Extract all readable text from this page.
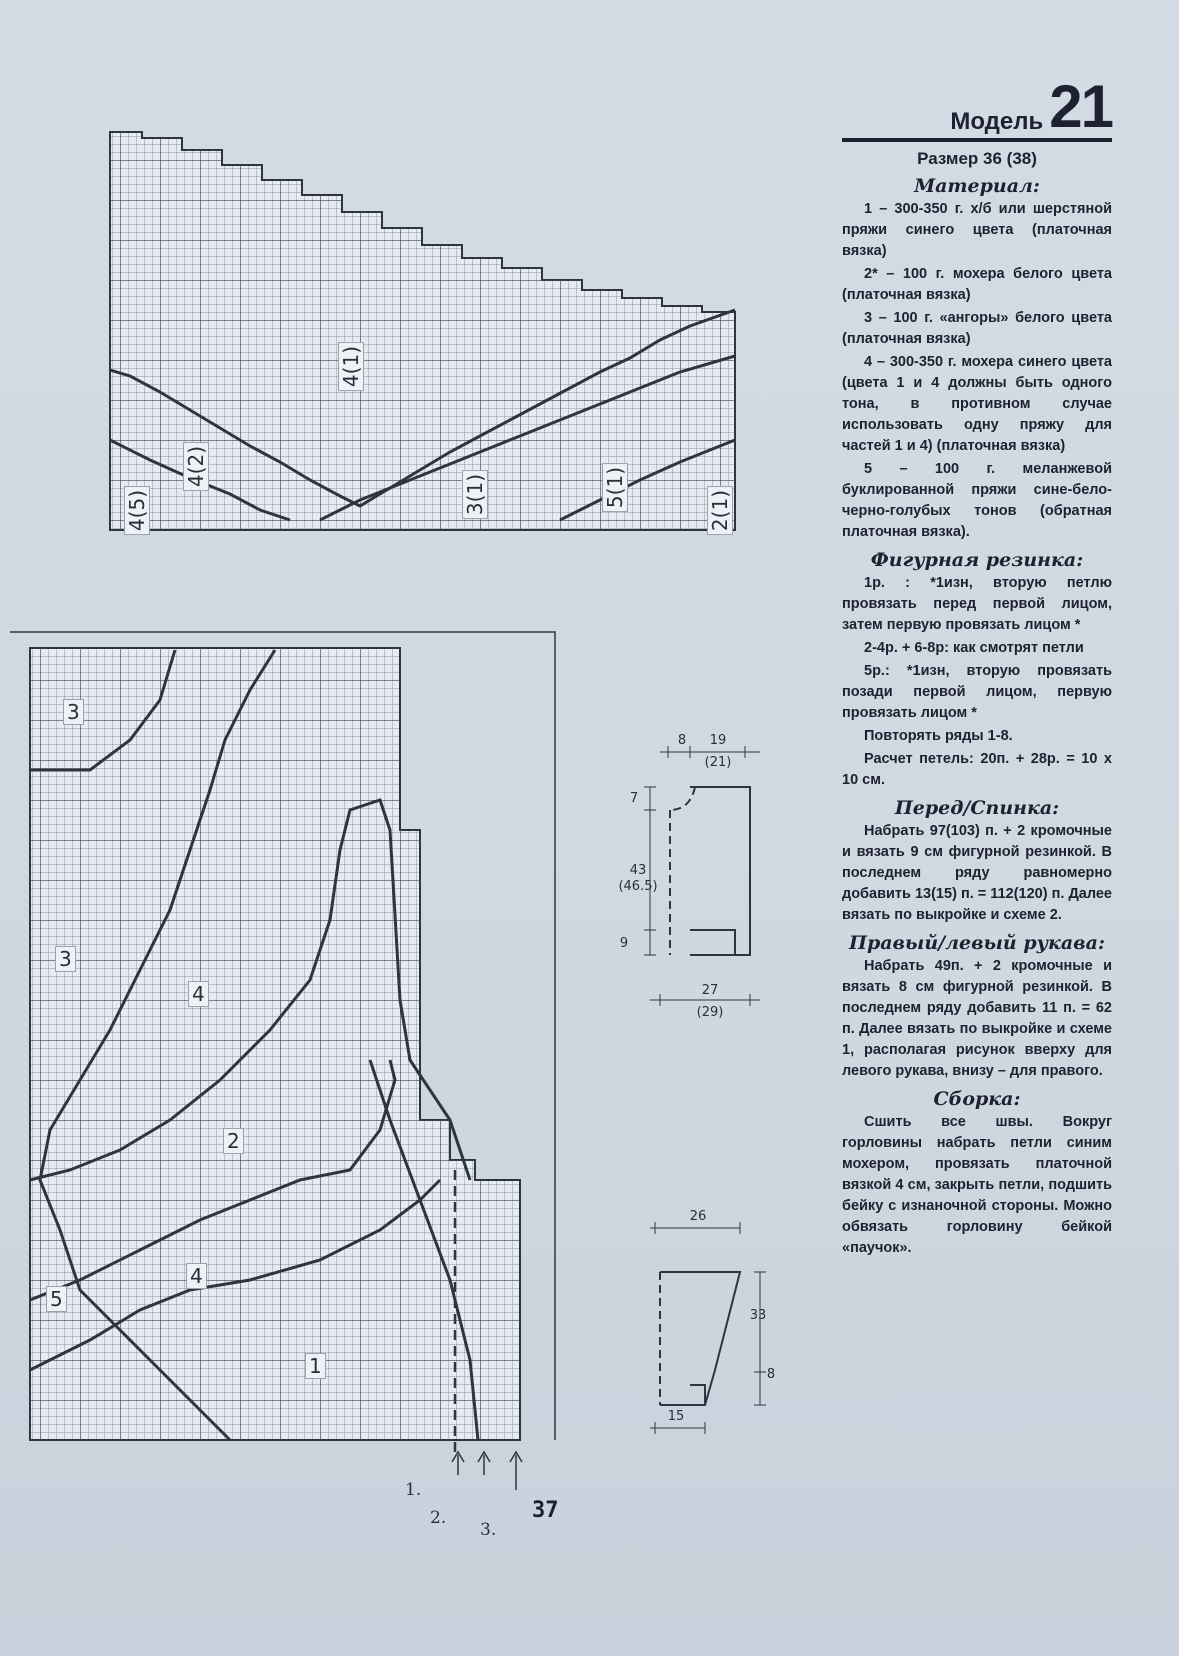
4(1)
4(2)
4(5)	3(1)	5(1)
2(1)
3
3
4
2
4
5
1
1.
2.
3.
8	19
(21)
7
43
(46.5)
9
27
(29)
26
33
8
15
Модель 21
Размер 36 (38)
Материал:

1 – 300-350 г. х/б или шерстяной пряжи синего цвета (платочная вязка)

2* – 100 г. мохера белого цвета (платочная вязка)

3 – 100 г. «ангоры» белого цвета (платочная вязка)

4 – 300-350 г. мохера синего цвета (цвета 1 и 4 должны быть одного тона, в противном случае использовать одну пряжу для частей 1 и 4) (платочная вязка)

5 – 100 г. меланжевой буклированной пряжи сине-бело-черно-голубых тонов (обратная платочная вязка).

Фигурная резинка:

1р. : *1изн, вторую петлю провязать перед первой лицом, затем первую провязать лицом *

2-4р. + 6-8р: как смотрят петли

5р.: *1изн, вторую провязать позади первой лицом, первую провязать лицом *

Повторять ряды 1-8.

Расчет петель: 20п. + 28р. = 10 х 10 см.

Перед/Спинка:

Набрать 97(103) п. + 2 кромочные и вязать 9 см фигурной резинкой. В последнем ряду равномерно добавить 13(15) п. = 112(120) п. Далее вязать по выкройке и схеме 2.

Правый/левый рукава:

Набрать 49п. + 2 кромочные и вязать 8 см фигурной резинкой. В последнем ряду добавить 11 п. = 62 п. Далее вязать по выкройке и схеме 1, располагая рисунок вверху для левого рукава, внизу – для правого.

Сборка:

Сшить все швы. Вокруг горловины набрать петли синим мохером, провязать платочной вязкой 4 см, закрыть петли, подшить бейку с изнаночной стороны. Можно обвязать горловину бейкой «паучок».

37
